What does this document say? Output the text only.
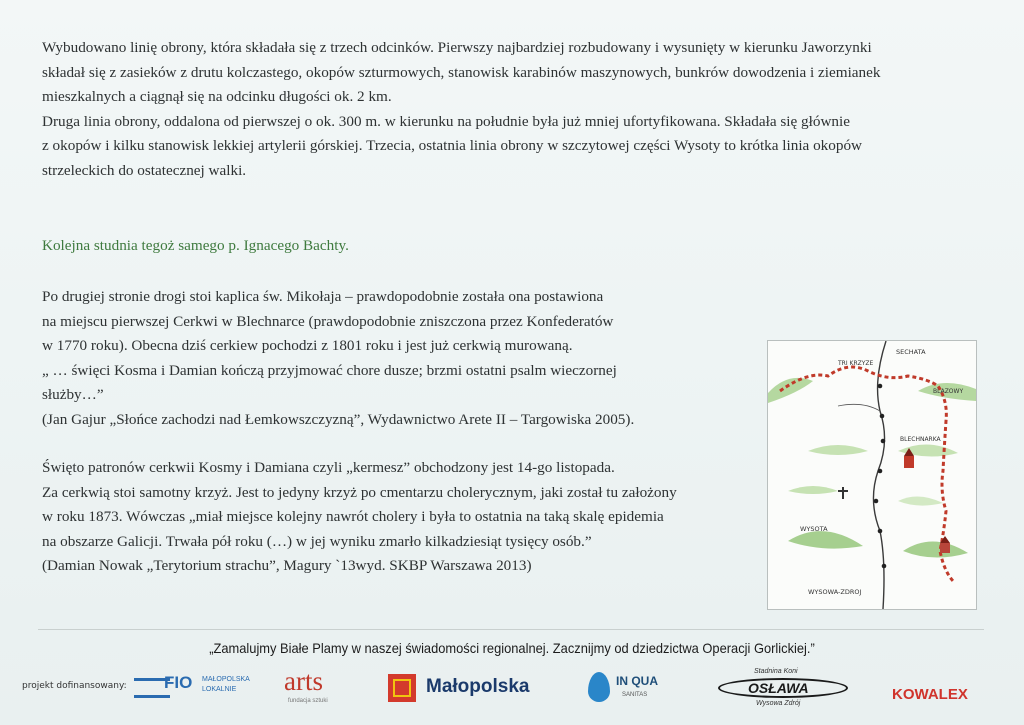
Wybudowano linię obrony, która składała się z trzech odcinków. Pierwszy najbardziej rozbudowany i wysunięty w kierunku Jaworzynki
składał się z zasieków z drutu kolczastego, okopów szturmowych, stanowisk karabinów maszynowych, bunkrów dowodzenia i ziemianek
mieszkalnych a ciągnął się na odcinku długości ok. 2 km.
Druga linia obrony, oddalona od pierwszej o ok. 300 m. w kierunku na południe była już mniej ufortyfikowana. Składała się głównie
z okopów i kilku stanowisk lekkiej artylerii górskiej. Trzecia, ostatnia linia obrony w szczytowej części Wysoty to krótka linia okopów
strzeleckich do ostatecznej walki.

Kolejna studnia tegoż samego p. Ignacego Bachty.

Po drugiej stronie drogi stoi kaplica św. Mikołaja – prawdopodobnie została ona postawiona
na miejscu pierwszej Cerkwi w Blechnarce (prawdopodobnie zniszczona przez Konfederatów
w 1770 roku). Obecna dziś cerkiew pochodzi z 1801 roku i jest już cerkwią murowaną.
„ … święci Kosma i Damian kończą przyjmować chore dusze; brzmi ostatni psalm wieczornej
służby…”
(Jan Gajur „Słońce zachodzi nad Łemkowszczyzną”, Wydawnictwo Arete II – Targowiska 2005).

Święto patronów cerkwii Kosmy i Damiana czyli „kermesz” obchodzony jest 14-go listopada.
Za cerkwią stoi samotny krzyż. Jest to jedyny krzyż po cmentarzu cholerycznym, jaki został tu założony
w roku 1873. Wówczas „miał miejsce kolejny nawrót cholery i była to ostatnia na taką skalę epidemia
na obszarze Galicji. Trwała pół roku (…) w jej wyniku zmarło kilkadziesiąt tysięcy osób.”
(Damian Nowak „Terytorium strachu”, Magury `13wyd. SKBP Warszawa 2013)

SECHATA
TRI KRZYZE
BLAZOWY
BLECHNARKA
WYSOTA
WYSOWA-ZDROJ
„Zamalujmy Białe Plamy w naszej świadomości regionalnej. Zacznijmy od dziedzictwa Operacji Gorlickiej.”
projekt dofinansowany: FIO MAŁOPOLSKA
LOKALNIE arts
fundacja sztuki
Małopolska	IN QUA
SANITAS
Stadnina Koni
OSŁAWA
Wysowa Zdrój
KOWALEX
